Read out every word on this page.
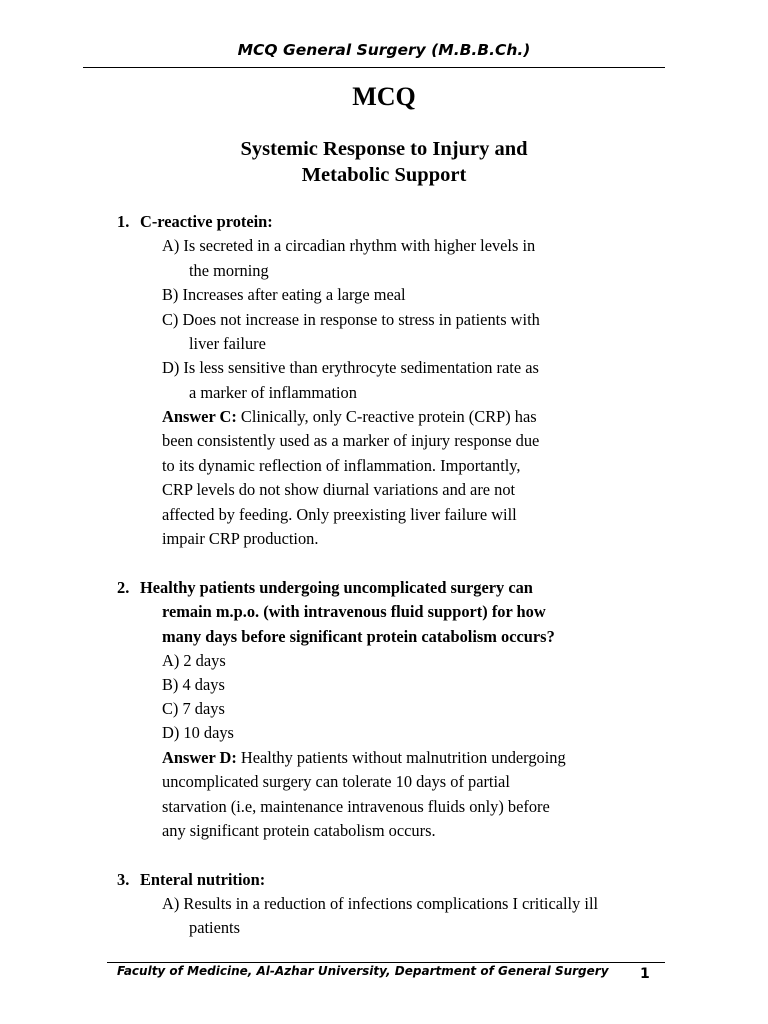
MCQ General Surgery (M.B.B.Ch.)
MCQ
Systemic Response to Injury and
Metabolic Support
1. C-reactive protein:
A) Is secreted in a circadian rhythm with higher levels in
the morning
B) Increases after eating a large meal
C) Does not increase in response to stress in patients with
liver failure
D) Is less sensitive than erythrocyte sedimentation rate as
a marker of inflammation
Answer C: Clinically, only C-reactive protein (CRP) has
been consistently used as a marker of injury response due
to its dynamic reflection of inflammation. Importantly,
CRP levels do not show diurnal variations and are not
affected by feeding. Only preexisting liver failure will
impair CRP production.
2. Healthy patients undergoing uncomplicated surgery can
remain m.p.o. (with intravenous fluid support) for how
many days before significant protein catabolism occurs?
A) 2 days
B) 4 days
C) 7 days
D) 10 days
Answer D: Healthy patients without malnutrition undergoing
uncomplicated surgery can tolerate 10 days of partial
starvation (i.e, maintenance intravenous fluids only) before
any significant protein catabolism occurs.
3. Enteral nutrition:
A) Results in a reduction of infections complications I critically ill
patients
Faculty of Medicine, Al-Azhar University, Department of General Surgery 1
